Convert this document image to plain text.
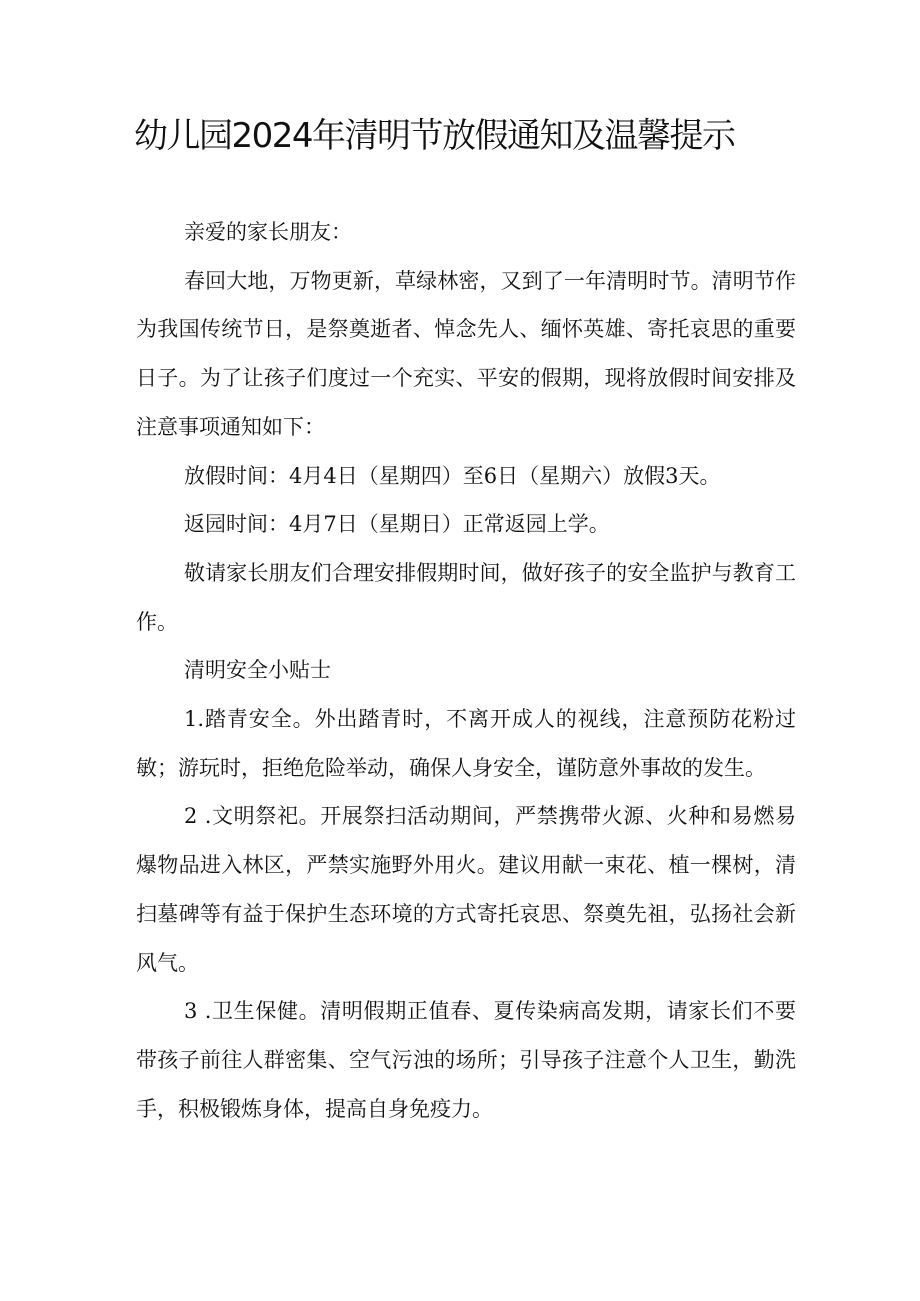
幼儿园2024年清明节放假通知及温馨提示

亲爱的家长朋友：

春回大地，万物更新，草绿林密，又到了一年清明时节。清明节作为我国传统节日，是祭奠逝者、悼念先人、缅怀英雄、寄托哀思的重要日子。为了让孩子们度过一个充实、平安的假期，现将放假时间安排及注意事项通知如下：

放假时间：4月4日（星期四）至6日（星期六）放假3天。

返园时间：4月7日（星期日）正常返园上学。

敬请家长朋友们合理安排假期时间，做好孩子的安全监护与教育工作。

清明安全小贴士

1.踏青安全。外出踏青时，不离开成人的视线，注意预防花粉过敏；游玩时，拒绝危险举动，确保人身安全，谨防意外事故的发生。

2 .文明祭祀。开展祭扫活动期间，严禁携带火源、火种和易燃易爆物品进入林区，严禁实施野外用火。建议用献一束花、植一棵树，清扫墓碑等有益于保护生态环境的方式寄托哀思、祭奠先祖，弘扬社会新风气。

3 .卫生保健。清明假期正值春、夏传染病高发期，请家长们不要带孩子前往人群密集、空气污浊的场所；引导孩子注意个人卫生，勤洗手，积极锻炼身体，提高自身免疫力。
